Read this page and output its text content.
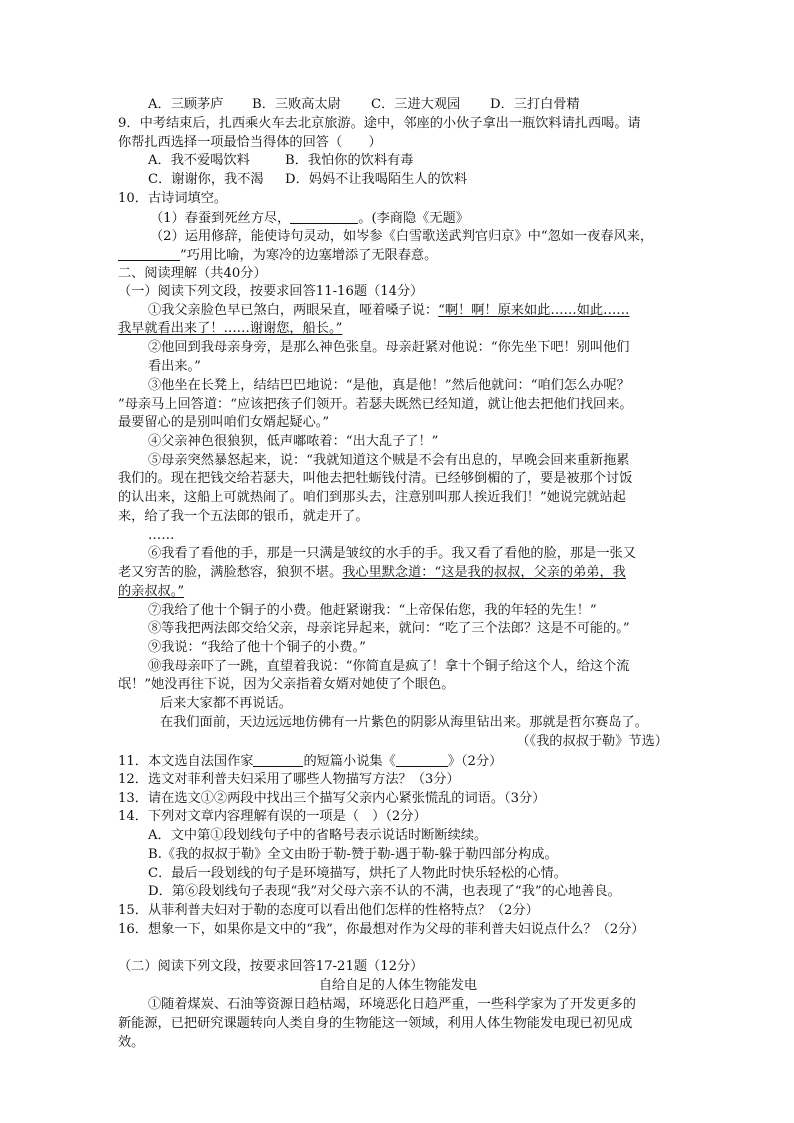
A．三顾茅庐 B．三败高太尉 C．三进大观园 D．三打白骨精
9．中考结束后，扎西乘火车去北京旅游。途中，邻座的小伙子拿出一瓶饮料请扎西喝。请
你帮扎西选择一项最恰当得体的回答（　　）
A．我不爱喝饮料	B．我怕你的饮料有毒
C．谢谢你，我不渴 D．妈妈不让我喝陌生人的饮料
10．古诗词填空。
（1）春蚕到死丝方尽，	。(李商隐《无题》
（2）运用修辞，能使诗句灵动，如岑参《白雪歌送武判官归京》中“忽如一夜春风来，
”巧用比喻，为寒冷的边塞增添了无限春意。
二、阅读理解（共40分）
（一）阅读下列文段，按要求回答11-16题（14分）
①我父亲脸色早已煞白，两眼呆直，哑着嗓子说：“啊！啊！原来如此……如此……
我早就看出来了！……谢谢您，船长。”
②他回到我母亲身旁，是那么神色张皇。母亲赶紧对他说：“你先坐下吧！别叫他们
看出来。”
③他坐在长凳上，结结巴巴地说：“是他，真是他！”然后他就问：“咱们怎么办呢？
”母亲马上回答道：“应该把孩子们领开。若瑟夫既然已经知道，就让他去把他们找回来。
最要留心的是别叫咱们女婿起疑心。”
④父亲神色很狼狈，低声嘟哝着：“出大乱子了！”
⑤母亲突然暴怒起来，说：“我就知道这个贼是不会有出息的，早晚会回来重新拖累
我们的。现在把钱交给若瑟夫，叫他去把牡蛎钱付清。已经够倒楣的了，要是被那个讨饭
的认出来，这船上可就热闹了。咱们到那头去，注意别叫那人挨近我们！”她说完就站起
来，给了我一个五法郎的银币，就走开了。
……
⑥我看了看他的手，那是一只满是皱纹的水手的手。我又看了看他的脸，那是一张又
老又穷苦的脸，满脸愁容，狼狈不堪。我心里默念道：“这是我的叔叔，父亲的弟弟，我
的亲叔叔。”
⑦我给了他十个铜子的小费。他赶紧谢我：“上帝保佑您，我的年轻的先生！”
⑧等我把两法郎交给父亲，母亲诧异起来，就问：“吃了三个法郎？这是不可能的。”
⑨我说：“我给了他十个铜子的小费。”
⑩我母亲吓了一跳，直望着我说：“你简直是疯了！拿十个铜子给这个人，给这个流
氓！”她没再往下说，因为父亲指着女婿对她使了个眼色。
后来大家都不再说话。
在我们面前，天边远远地仿佛有一片紫色的阴影从海里钻出来。那就是哲尔赛岛了。
（《我的叔叔于勒》节选）
11．本文选自法国作家	的短篇小说集《	》（2分）
12．选文对菲利普夫妇采用了哪些人物描写方法？（3分）
13．请在选文①②两段中找出三个描写父亲内心紧张慌乱的词语。（3分）
14．下列对文章内容理解有误的一项是（　）（2分）
A．文中第①段划线句子中的省略号表示说话时断断续续。
B.《我的叔叔于勒》全文由盼于勒-赞于勒-遇于勒-躲于勒四部分构成。
C．最后一段划线的句子是环境描写，烘托了人物此时快乐轻松的心情。
D．第⑥段划线句子表现“我”对父母六亲不认的不满，也表现了“我”的心地善良。
15．从菲利普夫妇对于勒的态度可以看出他们怎样的性格特点？（2分）
16．想象一下，如果你是文中的“我”，你最想对作为父母的菲利普夫妇说点什么？（2分）
（二）阅读下列文段，按要求回答17-21题（12分）
自给自足的人体生物能发电
①随着煤炭、石油等资源日趋枯竭，环境恶化日趋严重，一些科学家为了开发更多的
新能源，已把研究课题转向人类自身的生物能这一领域，利用人体生物能发电现已初见成
效。
